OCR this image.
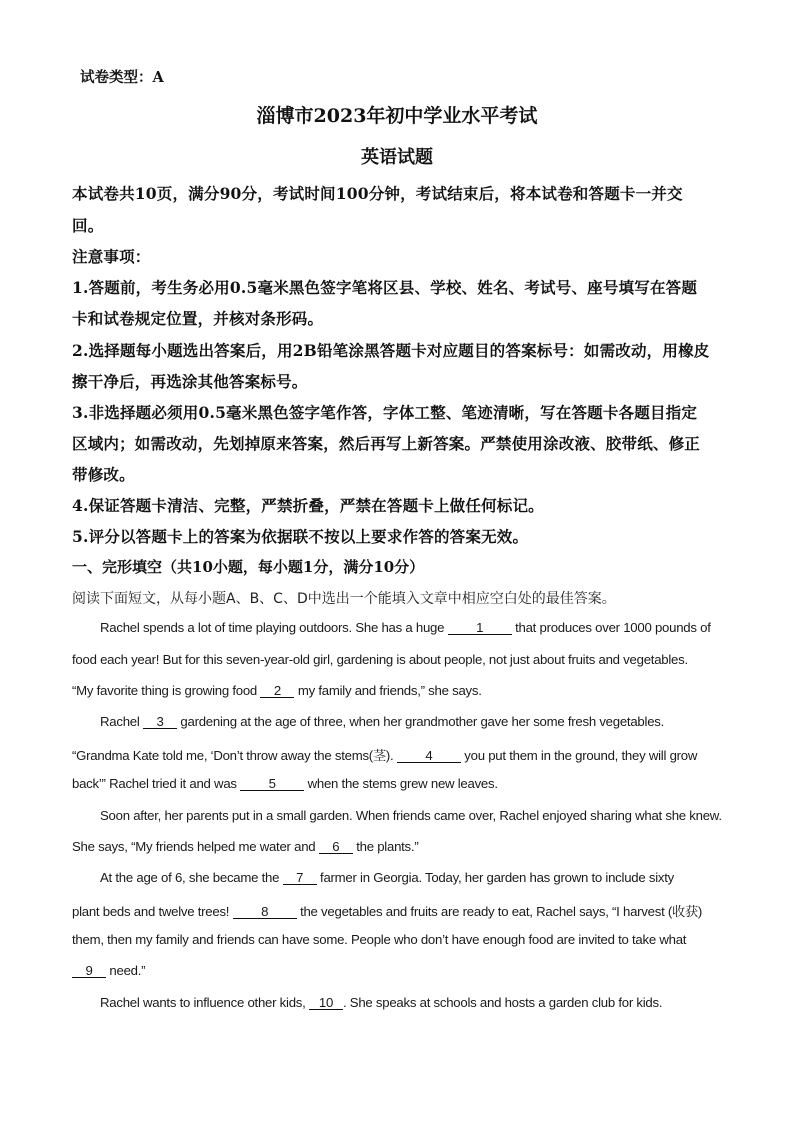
试卷类型：A
淄博市2023年初中学业水平考试
英语试题
本试卷共10页，满分90分，考试时间100分钟，考试结束后，将本试卷和答题卡一并交
回。
注意事项：
1.答题前，考生务必用0.5毫米黑色签字笔将区县、学校、姓名、考试号、座号填写在答题
卡和试卷规定位置，并核对条形码。
2.选择题每小题选出答案后，用2B铅笔涂黑答题卡对应题目的答案标号：如需改动，用橡皮
擦干净后，再选涂其他答案标号。
3.非选择题必须用0.5毫米黑色签字笔作答，字体工整、笔迹清晰，写在答题卡各题目指定
区域内；如需改动，先划掉原来答案，然后再写上新答案。严禁使用涂改液、胶带纸、修正
带修改。
4.保证答题卡清洁、完整，严禁折叠，严禁在答题卡上做任何标记。
5.评分以答题卡上的答案为依据联不按以上要求作答的答案无效。
一、完形填空（共10小题，每小题1分，满分10分）
阅读下面短文，从每小题A、B、C、D中选出一个能填入文章中相应空白处的最佳答案。
Rachel spends a lot of time playing outdoors. She has a huge 1 that produces over 1000 pounds of
food each year! But for this seven-year-old girl, gardening is about people, not just about fruits and vegetables.
“My favorite thing is growing food 2 my family and friends,” she says.
Rachel 3 gardening at the age of three, when her grandmother gave her some fresh vegetables.
“Grandma Kate told me, ‘Don’t throw away the stems(茎). 4 you put them in the ground, they will grow
back’” Rachel tried it and was 5 when the stems grew new leaves.
Soon after, her parents put in a small garden. When friends came over, Rachel enjoyed sharing what she knew.
She says, “My friends helped me water and 6 the plants.”
At the age of 6, she became the 7 farmer in Georgia. Today, her garden has grown to include sixty
plant beds and twelve trees! 8 the vegetables and fruits are ready to eat, Rachel says, “I harvest (收获)
them, then my family and friends can have some. People who don’t have enough food are invited to take what
9 need.”
Rachel wants to influence other kids, 10 . She speaks at schools and hosts a garden club for kids.
